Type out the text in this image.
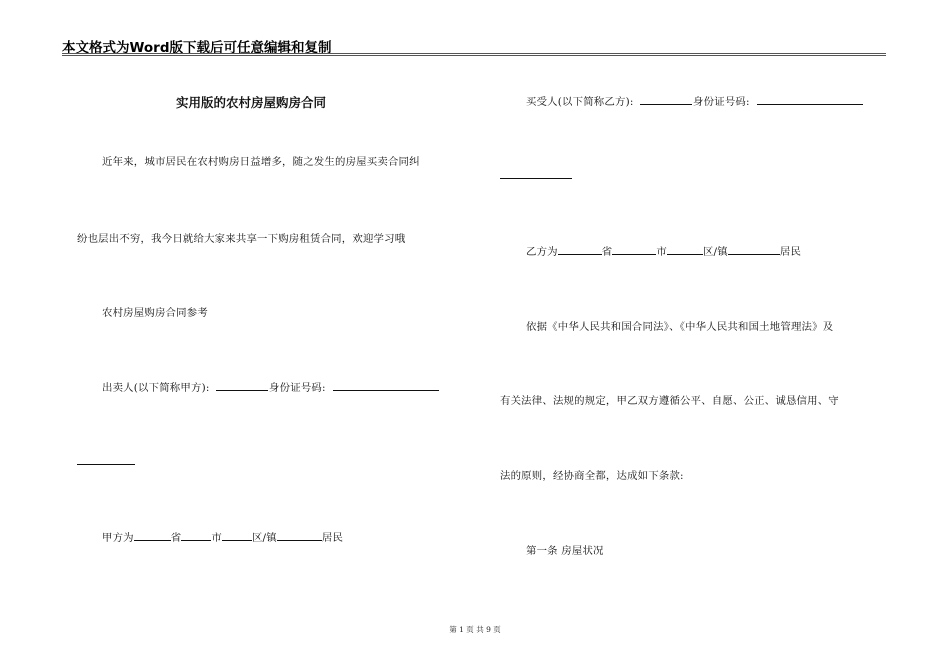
本文格式为Word版下载后可任意编辑和复制
实用版的农村房屋购房合同
近年来，城市居民在农村购房日益增多，随之发生的房屋买卖合同纠
纷也层出不穷，我今日就给大家来共享一下购房租赁合同，欢迎学习哦
农村房屋购房合同参考
出卖人(以下简称甲方):	身份证号码:
甲方为	省	市	区/镇	居民
买受人(以下简称乙方):	身份证号码:
乙方为	省	市	区/镇	居民
依据《中华人民共和国合同法》、《中华人民共和国土地管理法》及
有关法律、法规的规定，甲乙双方遵循公平、自愿、公正、诚恳信用、守
法的原则，经协商全都，达成如下条款:
第一条 房屋状况
第 1 页 共 9 页
